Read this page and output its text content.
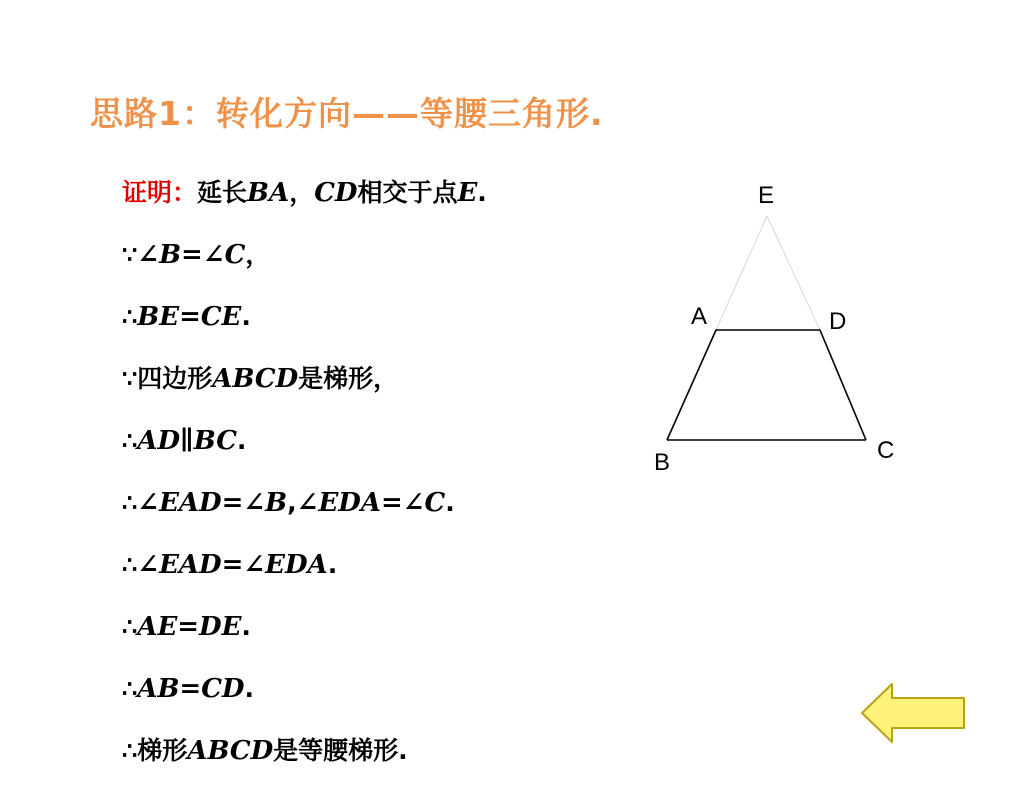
思路1：转化方向——等腰三角形.
证明：延长BA，CD相交于点E.
∵∠B=∠C，
∴BE=CE.
∵四边形ABCD是梯形，
∴AD∥BC.
∴∠EAD=∠B,∠EDA=∠C.
∴∠EAD=∠EDA.
∴AE=DE.
∴AB=CD.
∴梯形ABCD是等腰梯形.
E
A	D
B	C
